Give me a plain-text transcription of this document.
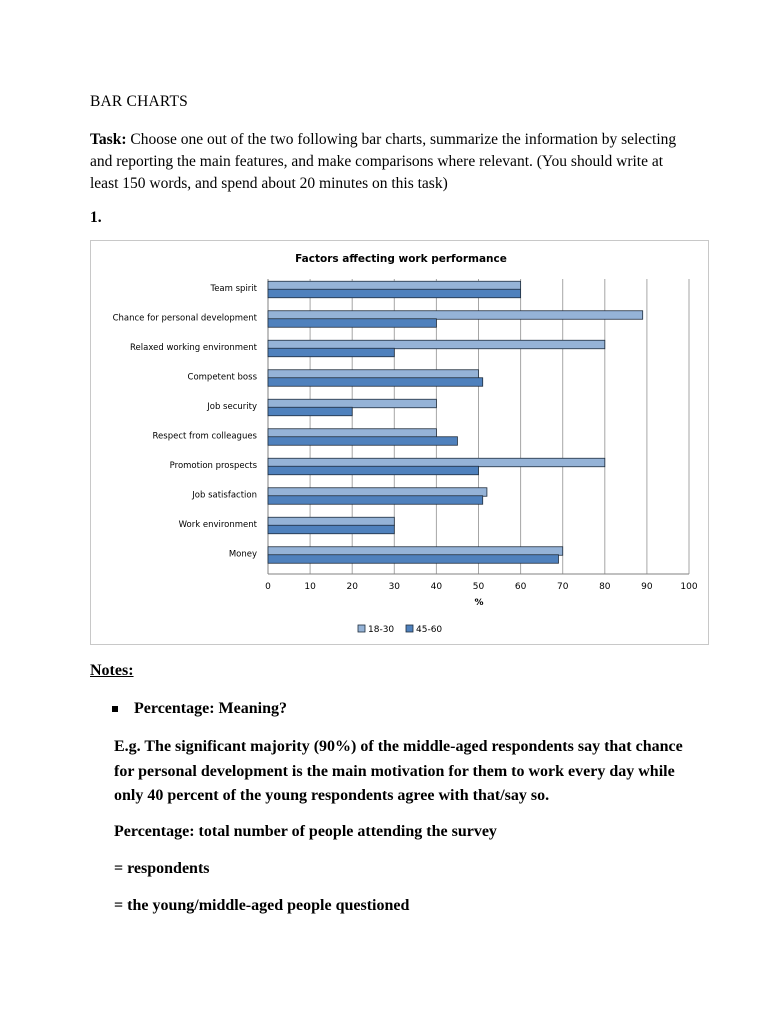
BAR CHARTS
Task: Choose one out of the two following bar charts, summarize the information by selecting and reporting the main features, and make comparisons where relevant. (You should write at least 150 words, and spend about 20 minutes on this task)
1.
Factors affecting work performance
Team spirit
Chance for personal development
Relaxed working environment
Competent boss
Job security
Respect from colleagues
Promotion prospects
Job satisfaction
Work environment
Money
0	10	20	30	40	50	60	70	80	90	100
%
18-30 45-60
Notes:
Percentage: Meaning?
E.g. The significant majority (90%) of the middle-aged respondents say that chance for personal development is the main motivation for them to work every day while only 40 percent of the young respondents agree with that/say so.
Percentage: total number of people attending the survey
= respondents
= the young/middle-aged people questioned
